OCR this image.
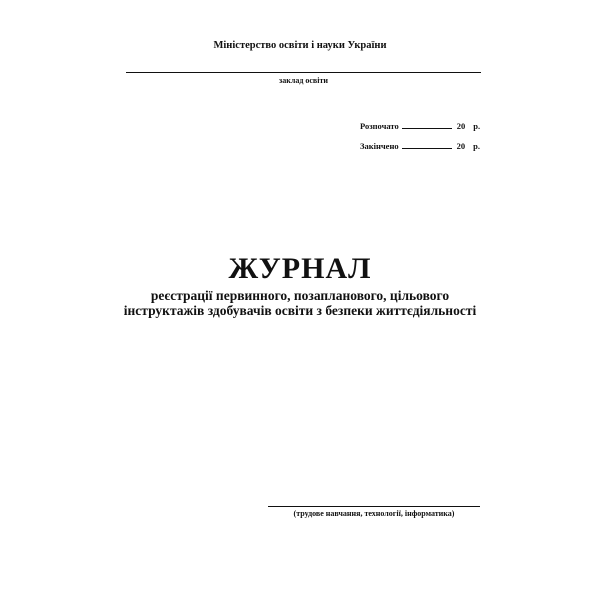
Міністерство освіти і науки України
заклад освіти
Розпочато	20 р.
Закінчено	20 р.
ЖУРНАЛ
реєстрації первинного, позапланового, цільового
інструктажів здобувачів освіти з безпеки життєдіяльності
(трудове навчання, технології, інформатика)
